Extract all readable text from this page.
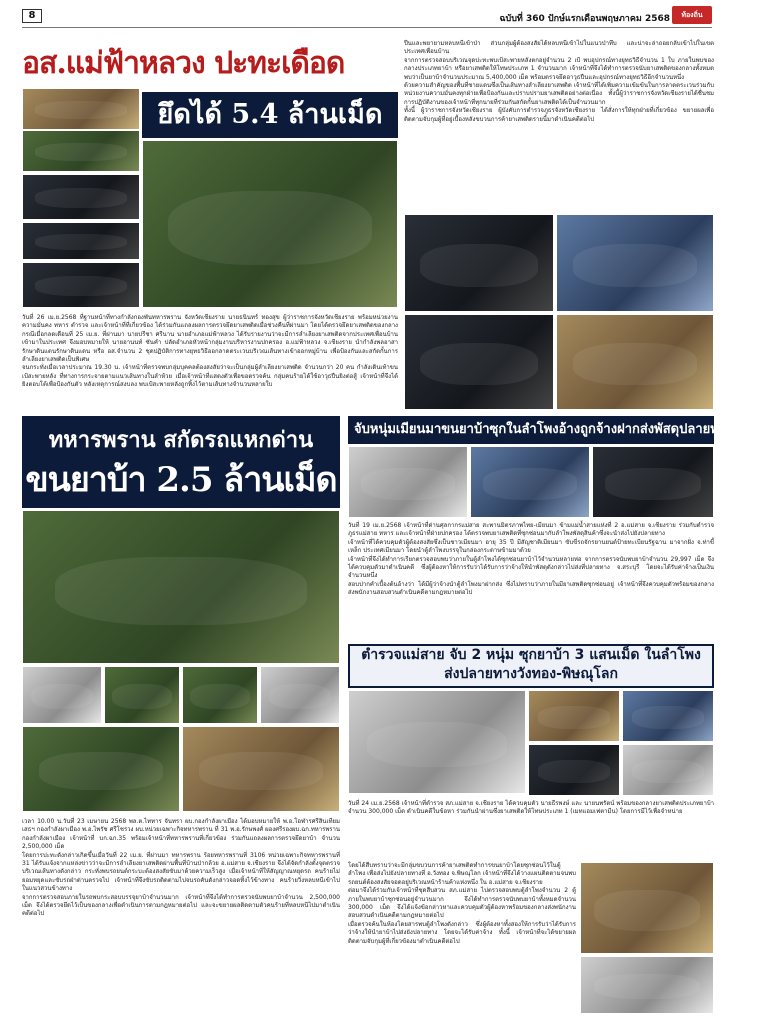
8	ฉบับที่ 360 ปักษ์แรกเดือนพฤษภาคม 2568	ท้องถิ่น
อส.แม่ฟ้าหลวง ปะทะเดือด
ยึดได้ 5.4 ล้านเม็ด
วันที่ 26 เม.ย.2568 ที่ฐานหน้าที่ทางกำลังกองพันทหารพราน จังหวัดเชียงราย นายธนินทร์ ทองสุข ผู้ว่าราชการจังหวัดเชียงราย พร้อมหน่วยงานความมั่นคง ทหาร ตำรวจ และเจ้าหน้าที่ที่เกี่ยวข้อง ได้ร่วมกันแถลงผลการตรวจยึดยาเสพติดเมื่อช่วงคืนที่ผ่านมา โดยได้ตรวจยึดยาเสพติดของกลาง กรณีเมื่อกลดเดือนที่ 25 เม.ย. ที่ผ่านมา นายปรีชา ศรีนาน นายอำเภอแม่ฟ้าหลวง ได้รับรายงานว่าจะมีการลำเลียงยาเสพติดจากประเทศเพื่อนบ้านเข้ามาในประเทศ จึงมอบหมายให้ นายอานนท์ ซันคำ ปลัดอำเภอหัวหน้ากลุ่มงานบริหารงานปกครอง อ.แม่ฟ้าหลวง จ.เชียงราย นำกำลังพลอาสารักษาดินแดนรักษาดินแดน หรือ อส.จำนวน 2 ชุดปฏิบัติการทางยุทธวิธีออกลาดตระเวนบริเวณเส้นทางเข้าออกหมู่บ้าน เพื่อป้องกันและสกัดกั้นการลำเลียงยาเสพติดเป็นพิเศษ
จนกระทั่งเมื่อเวลาประมาณ 19.30 น. เจ้าหน้าที่ตรวจพบกลุ่มบุคคลต้องสงสัยว่าจะเป็นกลุ่มผู้ลำเลียงยาเสพติด จำนวนกว่า 20 คน กำลังเดินเท้าขนเป้สะพายหลัง ที่ทางการกระจายตามแนวเส้นทางในลำห้วย เมื่อเจ้าหน้าที่แสดงตัวเพื่อขอตรวจค้น กลุ่มคนร้ายได้ใช้อาวุธปืนยิงต่อสู้ เจ้าหน้าที่จึงได้ยิงตอบโต้เพื่อป้องกันตัว หลังเหตุการณ์สงบลง พบเป้สะพายหลังถูกทิ้งไว้ตามเส้นทางจำนวนหลายใบ
ปืนและพยายามหลบหนีเข้าป่า ส่วนกลุ่มผู้ต้องสงสัยได้หลบหนีเข้าไปในแนวป่าทึบ และน่าจะล่าถอยกลับเข้าไปในเขตประเทศเพื่อนบ้าน
จากการตรวจสอบบริเวณจุดปะทะพบเป้สะพายหลังตกอยู่จำนวน 2 เป้ พบอุปกรณ์ทางยุทธวิธีจำนวน 1 ใบ ภายในพบของกลางประเภทยาบ้า หรือยาเสพติดให้โทษประเภท 1 จำนวนมาก เจ้าหน้าที่จึงได้ทำการตรวจนับยาเสพติดของกลางทั้งหมด พบว่าเป็นยาบ้าจำนวนประมาณ 5,400,000 เม็ด พร้อมตรวจยึดอาวุธปืนและอุปกรณ์ทางยุทธวิธีอีกจำนวนหนึ่ง
ด้วยความสำคัญของพื้นที่ชายแดนซึ่งเป็นเส้นทางลำเลียงยาเสพติด เจ้าหน้าที่ได้เพิ่มความเข้มข้นในการลาดตระเวนร่วมกับหน่วยงานความมั่นคงทุกฝ่ายเพื่อป้องกันและปราบปรามยาเสพติดอย่างต่อเนื่อง ทั้งนี้ผู้ว่าราชการจังหวัดเชียงรายได้ชื่นชมการปฏิบัติงานของเจ้าหน้าที่ทุกนายที่ร่วมกันสกัดกั้นยาเสพติดได้เป็นจำนวนมาก
ทั้งนี้ ผู้ว่าราชการจังหวัดเชียงราย ผู้บังคับการตำรวจภูธรจังหวัดเชียงราย ได้สั่งการให้ทุกฝ่ายที่เกี่ยวข้อง ขยายผลเพื่อติดตามจับกุมผู้ที่อยู่เบื้องหลังขบวนการค้ายาเสพติดรายนี้มาดำเนินคดีต่อไป
ทหารพราน สกัดรถแหกด่าน
ขนยาบ้า 2.5 ล้านเม็ด
เวลา 10.00 น.วันที่ 23 เมษายน 2568 พล.ต.ไททาร จันทรา ผบ.กองกำลังผาเมือง ได้มอบหมายให้ พ.อ.โอฬารศรีสินเทียม เสธฯ กองกำลังผาเมือง พ.อ.ไพรัช ศรีโชรวง ผบ.หน่วยเฉพาะกิจทหารพราน ที่ 31 พ.อ.รักษพงศ์ ผองศรีรองผบ.ฉก.ทหารพราน กองกำลังผาเมือง เจ้าหน้าที่ บก.ฉก.35 พร้อมเจ้าหน้าที่ทหารพรานที่เกี่ยวข้อง ร่วมกันแถลงผลการตรวจยึดยาบ้า จำนวน 2,500,000 เม็ด
โดยการปะทะดังกล่าวเกิดขึ้นเมื่อวันที่ 22 เม.ย. ที่ผ่านมา ทหารพราน ร้อยทหารพรานที่ 3106 หน่วยเฉพาะกิจทหารพรานที่ 31 ได้รับแจ้งจากแหล่งข่าวว่าจะมีการลำเลียงยาเสพติดผ่านพื้นที่บ้านป่ากล้วย อ.แม่สาย จ.เชียงราย จึงได้จัดกำลังตั้งจุดตรวจบริเวณเส้นทางดังกล่าว กระทั่งพบรถยนต์กระบะต้องสงสัยขับมาด้วยความเร็วสูง เมื่อเจ้าหน้าที่ให้สัญญาณหยุดรถ คนร้ายไม่ยอมหยุดและขับรถฝ่าด่านตรวจไป เจ้าหน้าที่จึงขับรถติดตามไปจนรถคันดังกล่าวจอดทิ้งไว้ข้างทาง คนร้ายวิ่งหลบหนีเข้าไปในแนวสวนข้างทาง
จากการตรวจสอบภายในรถพบกระสอบบรรจุยาบ้าจำนวนมาก เจ้าหน้าที่จึงได้ทำการตรวจนับพบยาบ้าจำนวน 2,500,000 เม็ด จึงได้ตรวจยึดไว้เป็นของกลางเพื่อดำเนินการตามกฎหมายต่อไป และจะขยายผลติดตามตัวคนร้ายที่หลบหนีไปมาดำเนินคดีต่อไป
จับหนุ่มเมียนมาขนยาบ้าซุกในลำโพงอ้างถูกจ้างฝากส่งพัสดุปลายทางสระบุรี
วันที่ 19 เม.ย.2568 เจ้าหน้าที่ด่านศุลกากรแม่สาย สะพานมิตรภาพไทย-เมียนมา ข้ามแม่น้ำสายแห่งที่ 2 อ.แม่สาย จ.เชียงราย ร่วมกับตำรวจภูธรแม่สาย ทหาร และเจ้าหน้าที่ฝ่ายปกครอง ได้ตรวจพบยาเสพติดที่ซุกซ่อนมากับลำโพงพัสดุสินค้าซึ่งจะนำส่งไปยังปลายทาง
เจ้าหน้าที่ได้ควบคุมตัวผู้ต้องสงสัยซึ่งเป็นชาวเมียนมา อายุ 35 ปี มีสัญชาติเมียนมา ขับขี่รถจักรยานยนต์ป้ายทะเบียนรัฐฉาน มาจากฝั่ง จ.ท่าขี้เหล็ก ประเทศเมียนมา โดยนำตู้ลำโพงบรรจุในกล่องกระดาษข้ามมาด้วย
เจ้าหน้าที่จึงได้ทำการเรียกตรวจสอบพบว่าภายในตู้ลำโพงได้ซุกซ่อนยาบ้าไว้จำนวนหลายห่อ จากการตรวจนับพบยาบ้าจำนวน 29,997 เม็ด จึงได้ควบคุมตัวมาดำเนินคดี ซึ่งผู้ต้องหาให้การรับว่าได้รับการว่าจ้างให้นำพัสดุดังกล่าวไปส่งที่ปลายทาง จ.สระบุรี โดยจะได้รับค่าจ้างเป็นเงินจำนวนหนึ่ง
สอบปากคำเบื้องต้นอ้างว่า ได้มีผู้ว่าจ้างนำตู้ลำโพงมาฝากส่ง ซึ่งไม่ทราบว่าภายในมียาเสพติดซุกซ่อนอยู่ เจ้าหน้าที่จึงควบคุมตัวพร้อมของกลางส่งพนักงานสอบสวนดำเนินคดีตามกฎหมายต่อไป
ตำรวจแม่สาย จับ 2 หนุ่ม ซุกยาบ้า 3 แสนเม็ด ในลำโพง
ส่งปลายทางวังทอง-พิษณุโลก
วันที่ 24 เม.ย.2568 เจ้าหน้าที่ตำรวจ สภ.แม่สาย จ.เชียงราย ได้ควบคุมตัว นายธีรพงษ์ และ นายนพรัตน์ พร้อมของกลางยาเสพติดประเภทยาบ้าจำนวน 300,000 เม็ด ดำเนินคดีในข้อหา ร่วมกันนำผ่านซึ่งยาเสพติดให้โทษประเภท 1 (เมทแอมเฟตามีน) โดยการมีไว้เพื่อจำหน่าย
โดยได้สืบทราบว่าจะมีกลุ่มขบวนการค้ายาเสพติดทำการขนยาบ้าโดยซุกซ่อนไว้ในตู้ลำโพง เพื่อส่งไปยังปลายทางที่ อ.วังทอง จ.พิษณุโลก เจ้าหน้าที่จึงได้วางแผนติดตามจนพบรถยนต์ต้องสงสัยจอดอยู่บริเวณหน้าร้านค้าแห่งหนึ่ง ใน อ.แม่สาย จ.เชียงราย
ต่อมาจึงได้ร่วมกับเจ้าหน้าที่ชุดสืบสวน สภ.แม่สาย ไปตรวจสอบพบตู้ลำโพงจำนวน 2 ตู้ ภายในพบยาบ้าซุกซ่อนอยู่จำนวนมาก จึงได้ทำการตรวจนับพบยาบ้าทั้งหมดจำนวน 300,000 เม็ด จึงได้แจ้งข้อกล่าวหาและควบคุมตัวผู้ต้องหาพร้อมของกลางส่งพนักงานสอบสวนดำเนินคดีตามกฎหมายต่อไป
เมื่อตรวจค้นในห้องโดยสารพบตู้ลำโพงดังกล่าว ซึ่งผู้ต้องหาทั้งสองให้การรับว่าได้รับการว่าจ้างให้นำยาบ้าไปส่งยังปลายทาง โดยจะได้รับค่าจ้าง ทั้งนี้ เจ้าหน้าที่จะได้ขยายผลติดตามจับกุมผู้ที่เกี่ยวข้องมาดำเนินคดีต่อไป
